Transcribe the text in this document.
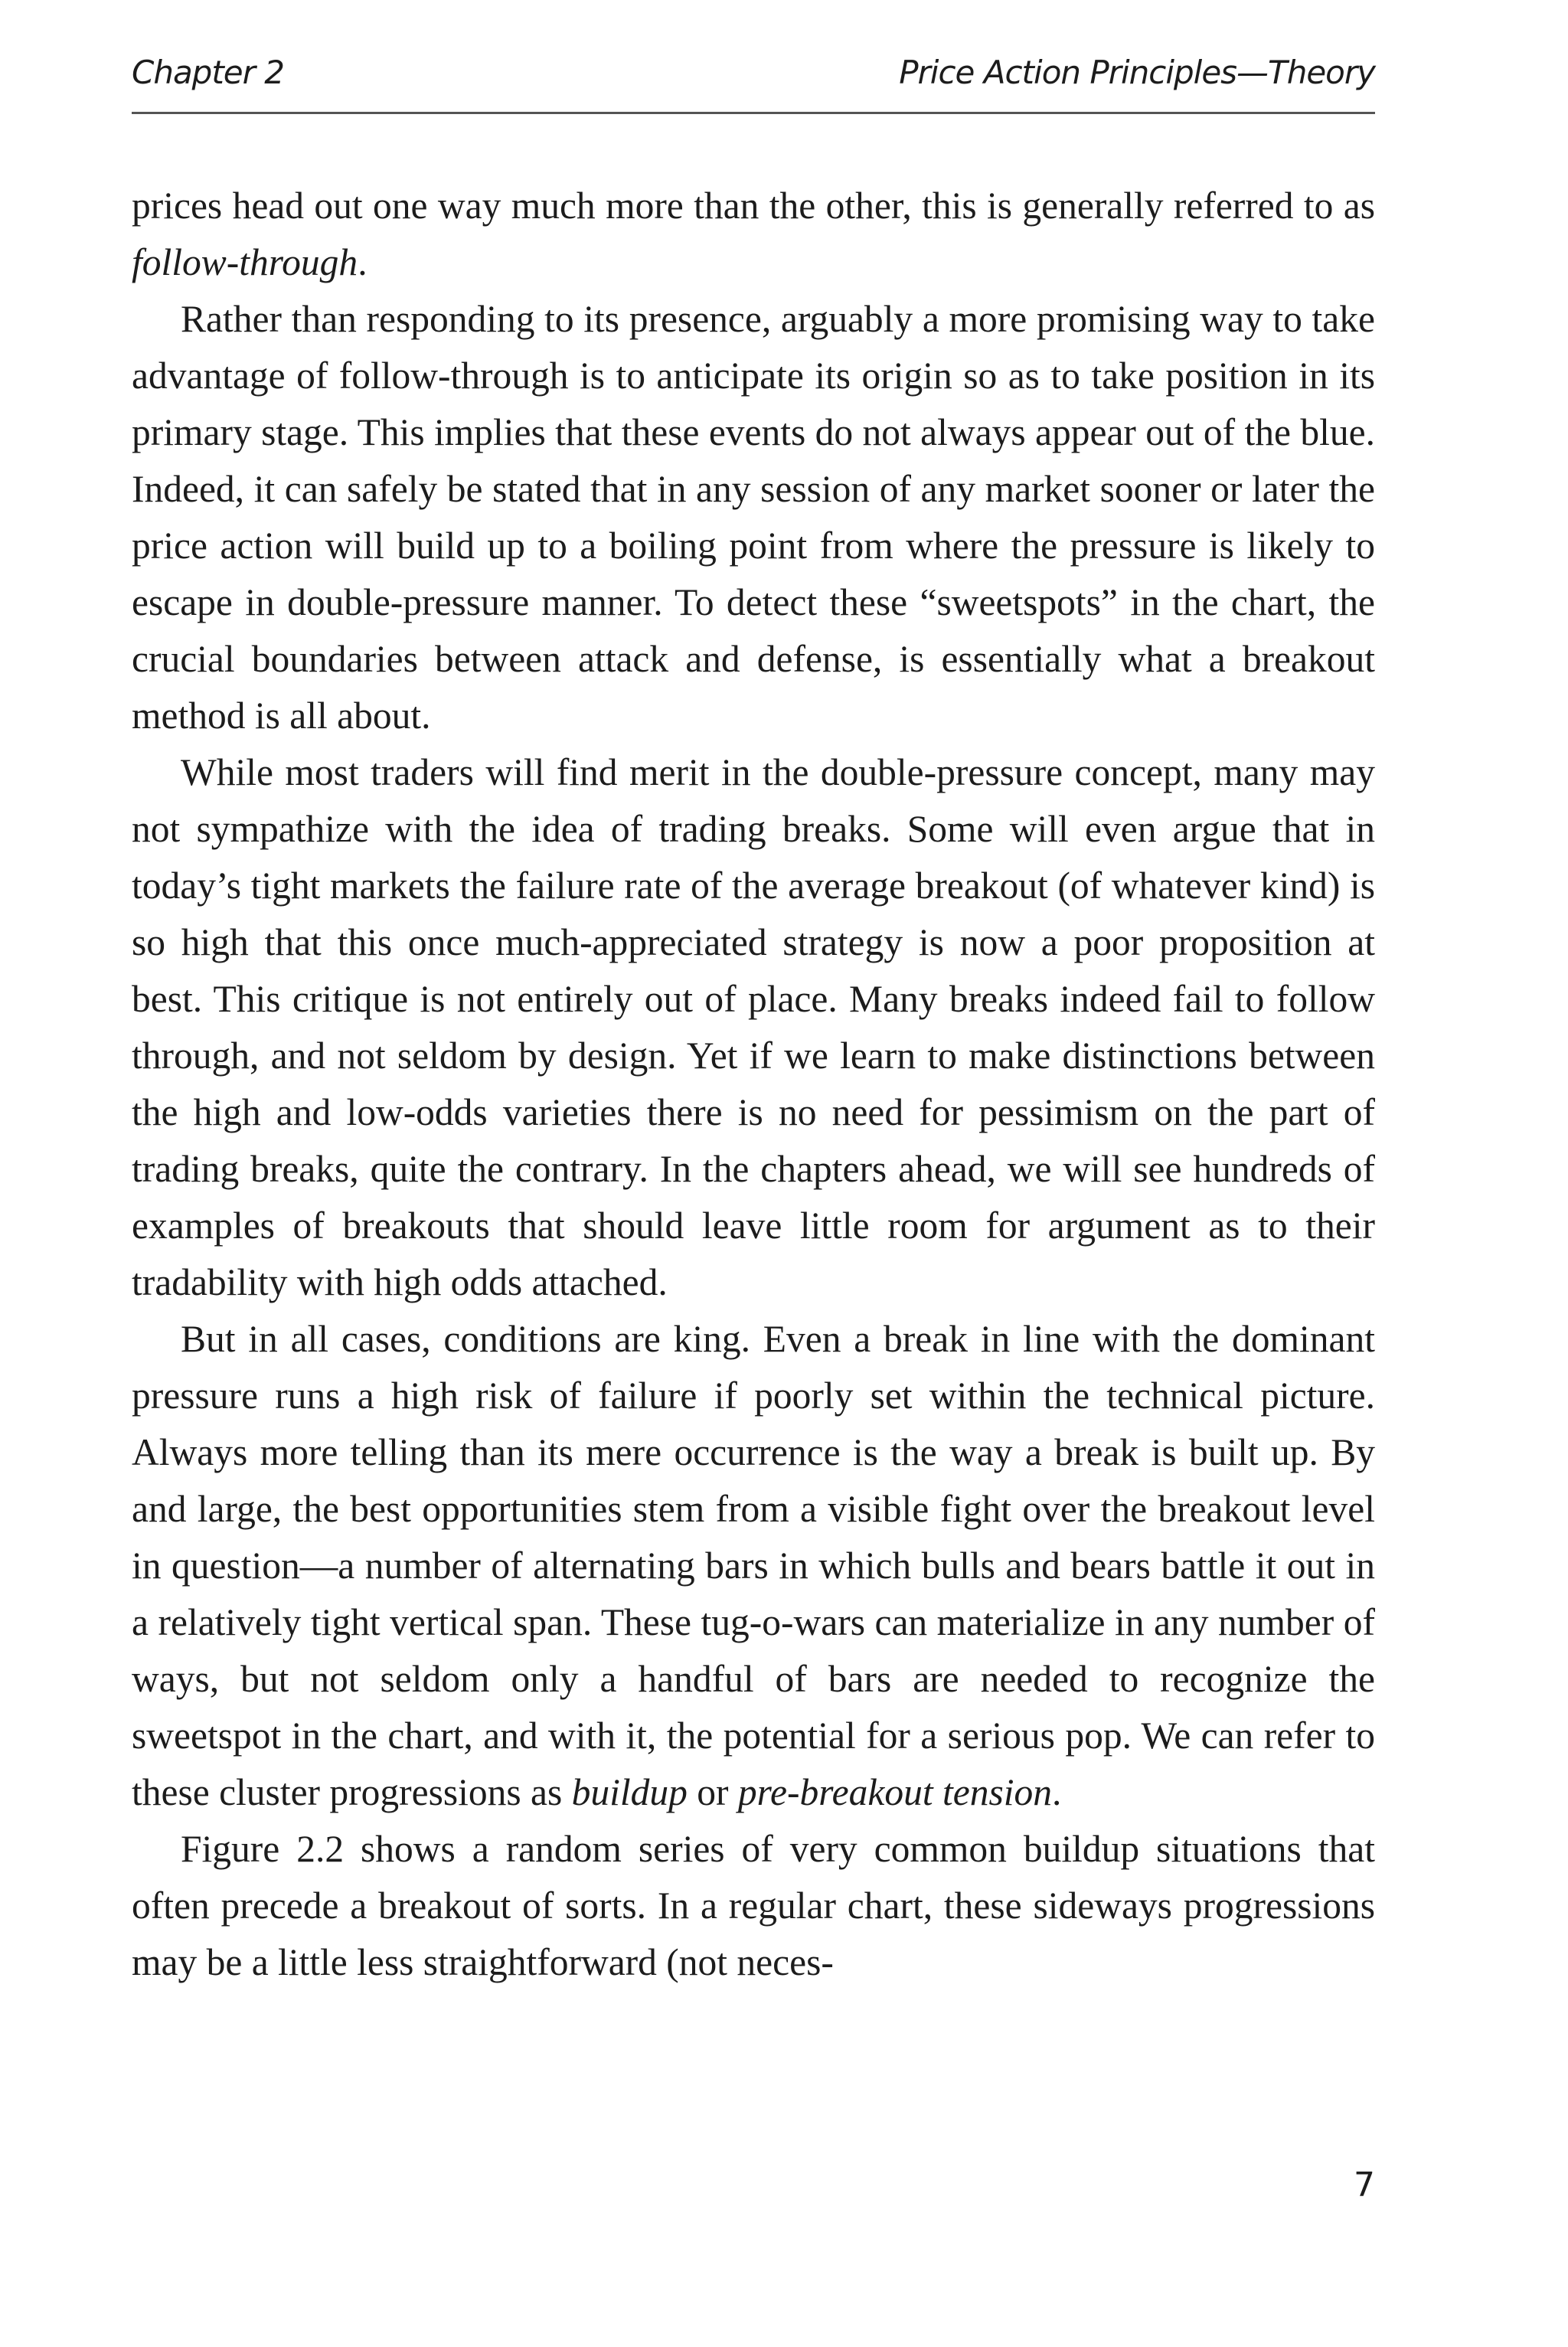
Chapter 2	Price Action Principles—Theory

prices head out one way much more than the other, this is generally referred to as follow-through.

Rather than responding to its presence, arguably a more promising way to take advantage of follow-through is to anticipate its origin so as to take position in its primary stage. This implies that these events do not always appear out of the blue. Indeed, it can safely be stated that in any session of any market sooner or later the price action will build up to a boiling point from where the pressure is likely to escape in double-pressure manner. To detect these “sweetspots” in the chart, the crucial boundaries between attack and defense, is essentially what a breakout method is all about.

While most traders will find merit in the double-pressure concept, many may not sympathize with the idea of trading breaks. Some will even argue that in today’s tight markets the failure rate of the average breakout (of whatever kind) is so high that this once much-appreciated strategy is now a poor proposition at best. This critique is not entirely out of place. Many breaks indeed fail to follow through, and not seldom by design. Yet if we learn to make distinctions between the high and low-odds varieties there is no need for pessimism on the part of trading breaks, quite the contrary. In the chapters ahead, we will see hundreds of examples of breakouts that should leave little room for argument as to their tradability with high odds attached.

But in all cases, conditions are king. Even a break in line with the dominant pressure runs a high risk of failure if poorly set within the technical picture. Always more telling than its mere occurrence is the way a break is built up. By and large, the best opportunities stem from a visible fight over the breakout level in question—a number of alternating bars in which bulls and bears battle it out in a relatively tight vertical span. These tug-o-wars can materialize in any number of ways, but not seldom only a handful of bars are needed to recognize the sweetspot in the chart, and with it, the potential for a serious pop. We can refer to these cluster progressions as buildup or pre-breakout tension.

Figure 2.2 shows a random series of very common buildup situations that often precede a breakout of sorts. In a regular chart, these sideways progressions may be a little less straightforward (not neces-

7
